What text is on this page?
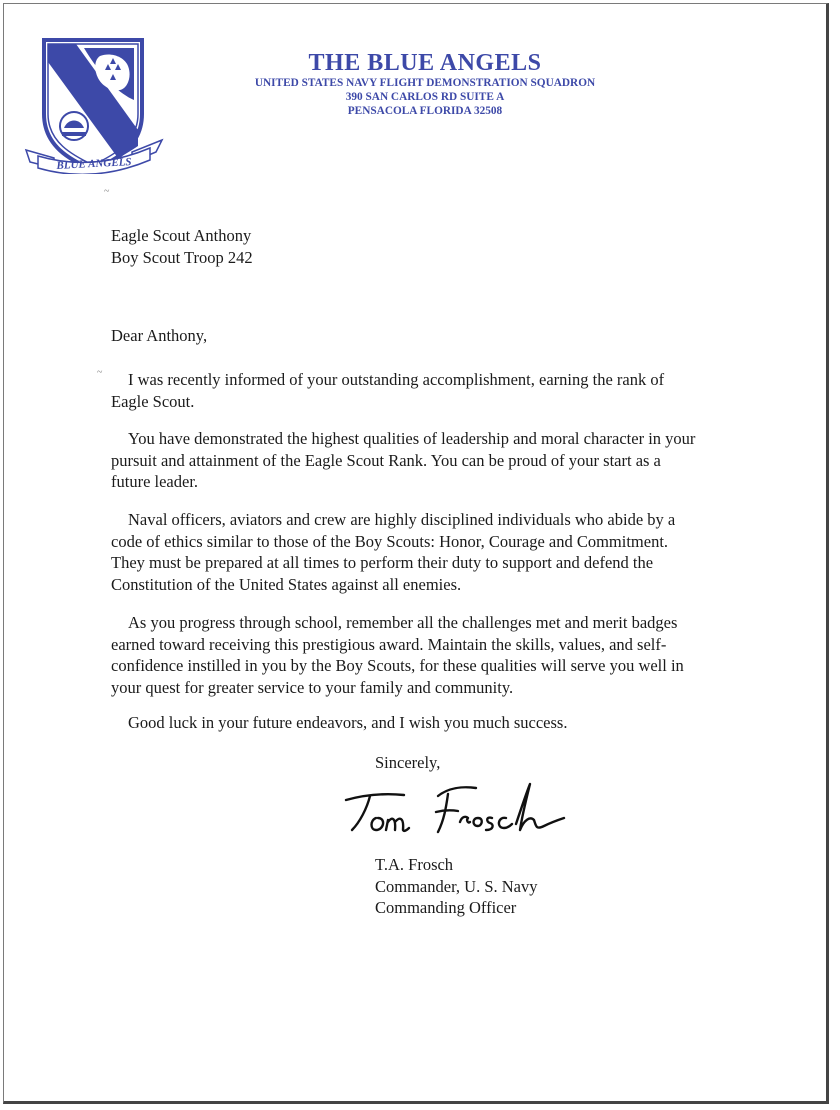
BLUE ANGELS
THE BLUE ANGELS
UNITED STATES NAVY FLIGHT DEMONSTRATION SQUADRON
390 SAN CARLOS RD SUITE A
PENSACOLA FLORIDA 32508
~
~
Eagle Scout Anthony
Boy Scout Troop 242
Dear Anthony,
I was recently informed of your outstanding accomplishment, earning the rank of
Eagle Scout.
You have demonstrated the highest qualities of leadership and moral character in your
pursuit and attainment of the Eagle Scout Rank. You can be proud of your start as a
future leader.
Naval officers, aviators and crew are highly disciplined individuals who abide by a
code of ethics similar to those of the Boy Scouts: Honor, Courage and Commitment.
They must be prepared at all times to perform their duty to support and defend the
Constitution of the United States against all enemies.
As you progress through school, remember all the challenges met and merit badges
earned toward receiving this prestigious award. Maintain the skills, values, and self-
confidence instilled in you by the Boy Scouts, for these qualities will serve you well in
your quest for greater service to your family and community.
Good luck in your future endeavors, and I wish you much success.
Sincerely,
T.A. Frosch
Commander, U. S. Navy
Commanding Officer
